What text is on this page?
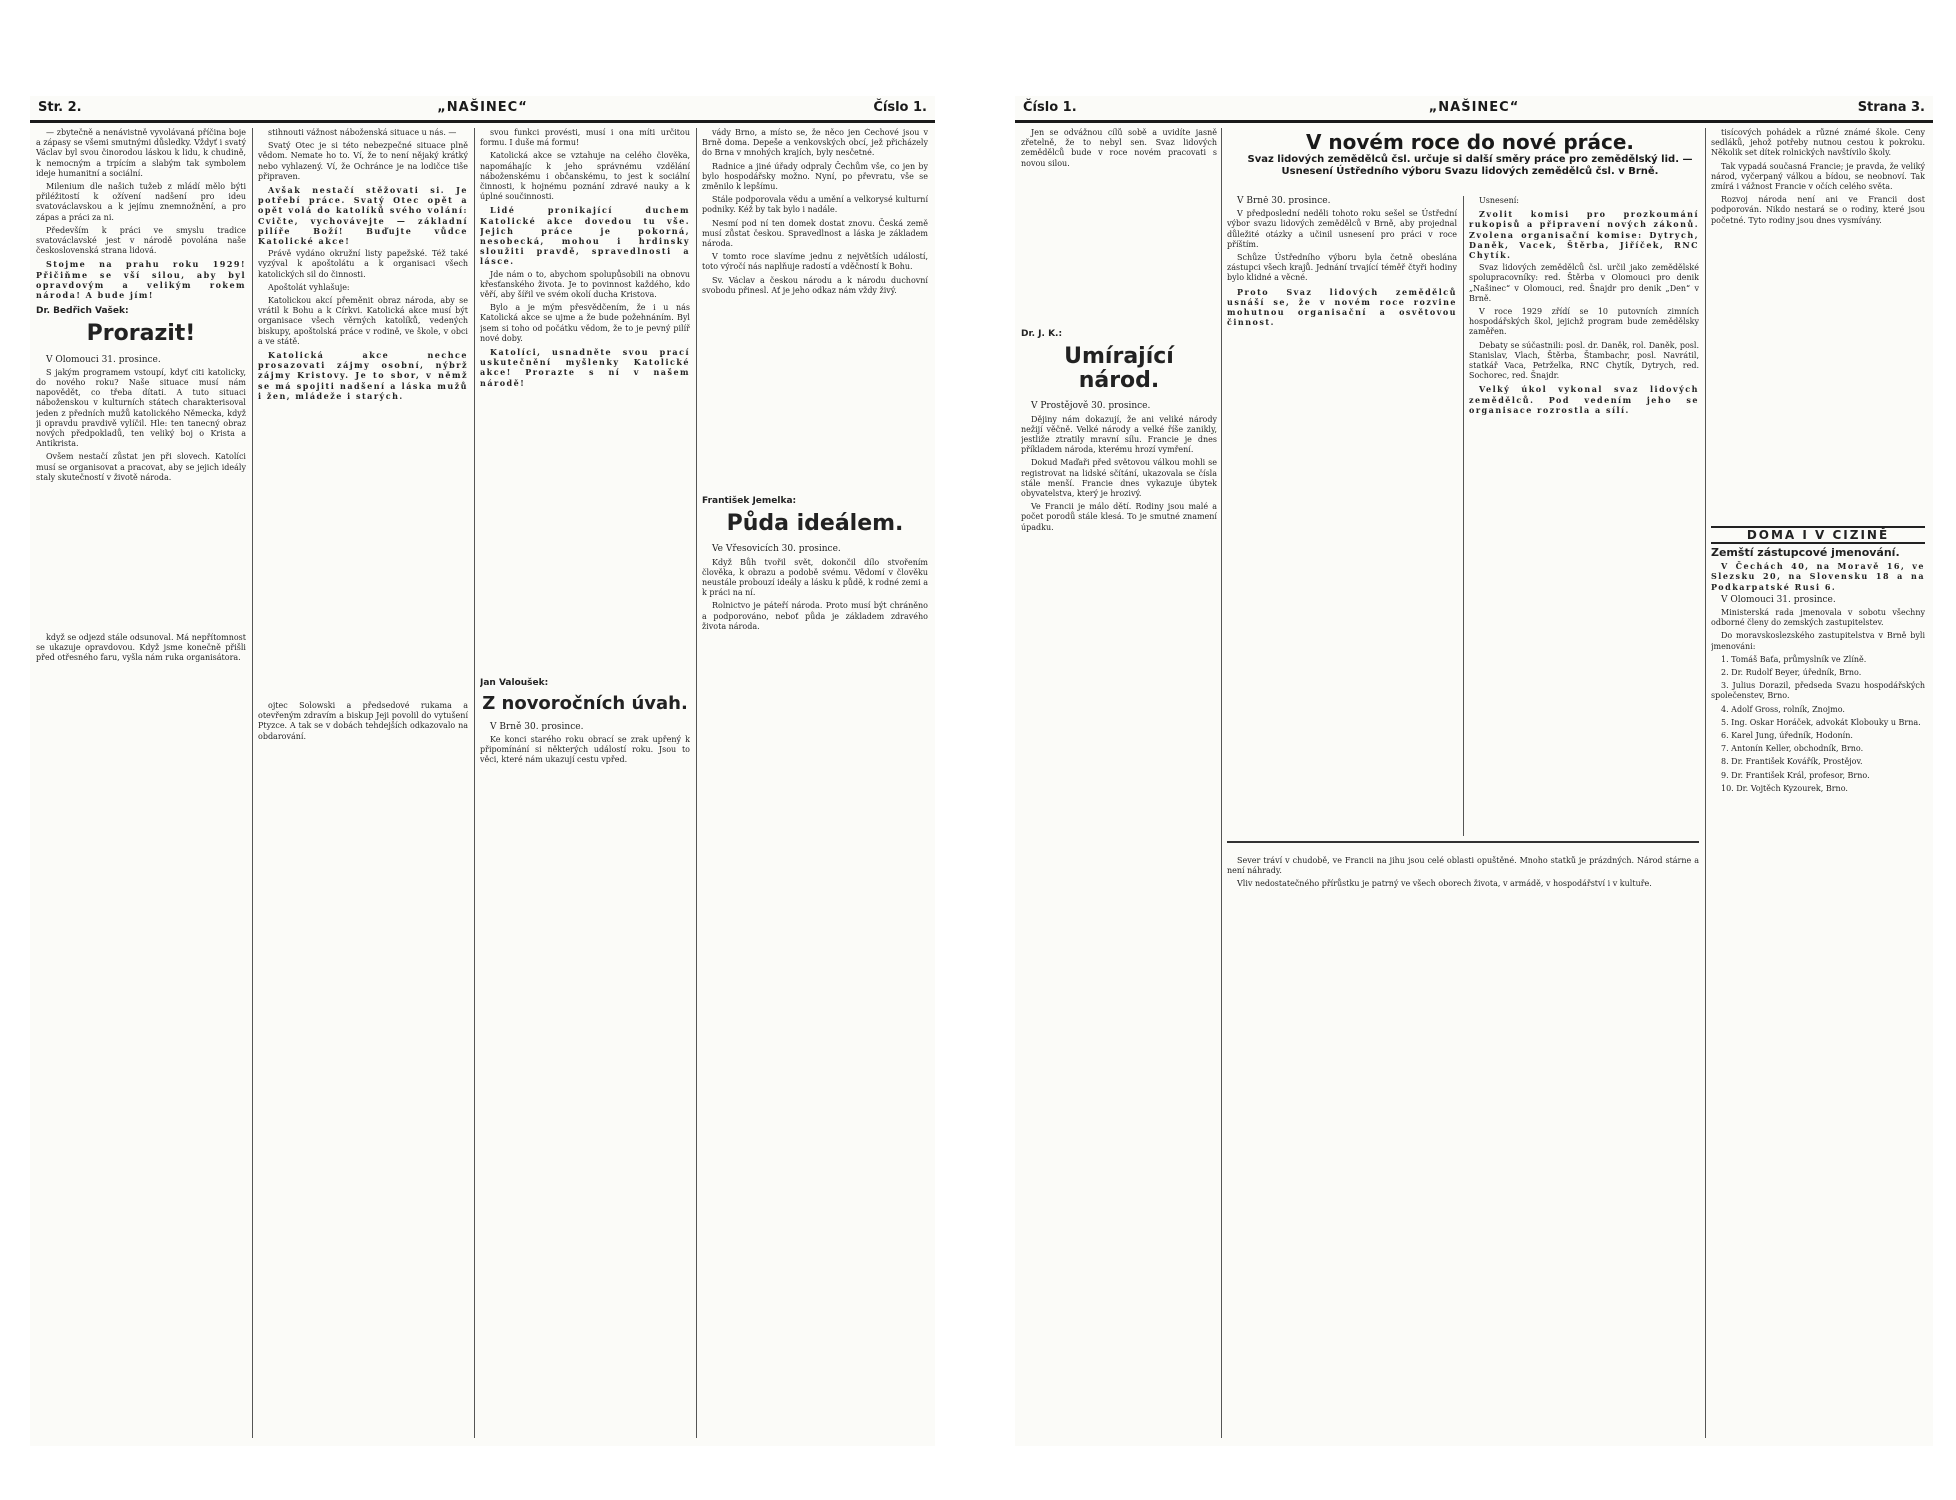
Str. 2.	„NAŠINEC“	Číslo 1.

— zbytečně a nenávistně vyvolávaná příčina boje a zápasy se všemi smutnými důsledky. Vždyť i svatý Václav byl svou činorodou láskou k lidu, k chudině, k nemocným a trpícím a slabým tak symbolem ideje humanitní a sociální.

Milenium dle našich tužeb z mládí mělo býti přiléžitostí k ožívení nadšení pro ideu svatováclavskou a k jejímu znemnožnění, a pro zápas a práci za ni.

Především k práci ve smyslu tradice svatováclavské jest v národě povolána naše československá strana lidová.

Stojme na prahu roku 1929! Přičiňme se vší silou, aby byl opravdovým a velikým rokem národa! A bude jím!

Dr. Bedřich Vašek:
Prorazit!
V Olomouci 31. prosince.

S jakým programem vstoupí, kdyť citi katolicky, do nového roku? Naše situace musí nám napovědět, co třeba dítati. A tuto situaci náboženskou v kulturních státech charakterisoval jeden z předních mužů katolického Německa, když ji opravdu pravdivě vylíčil. Hle: ten tanecný obraz nových předpokladů, ten veliký boj o Krista a Antikrista.

Ovšem nestačí zůstat jen při slovech. Katolíci musí se organisovat a pracovat, aby se jejich ideály staly skutečností v životě národa.

když se odjezd stále odsunoval. Má nepřítomnost se ukazuje opravdovou. Když jsme konečně přišli před otřesného faru, vyšla nám ruka organisátora.

stihnouti vážnost náboženská situace u nás. —

Svatý Otec je si této nebezpečné situace plně vědom. Nemate ho to. Ví, že to není nějaký krátký nebo vyhlazený. Ví, že Ochránce je na lodičce tiše připraven.

Avšak nestačí stěžovati si. Je potřebí práce. Svatý Otec opět a opět volá do katolíků svého volání: Cvičte, vychovávejte — základní pilíře Boží! Buďujte vůdce Katolické akce!

Právě vydáno okružní listy papežské. Též také vyzýval k apoštolátu a k organisaci všech katolických sil do činnosti.

Apoštolát vyhlašuje:

Katolickou akcí přeměnit obraz národa, aby se vrátil k Bohu a k Církvi. Katolická akce musí být organisace všech věrných katolíků, vedených biskupy, apoštolská práce v rodině, ve škole, v obci a ve státě.

Katolická akce nechce prosazovati zájmy osobní, nýbrž zájmy Kristovy. Je to sbor, v němž se má spojiti nadšení a láska mužů i žen, mládeže i starých.

ojtec Solowski a předsedové rukama a otevřeným zdravím a biskup Jeji povolil do vytušení Ptyzce. A tak se v dobách tehdejších odkazovalo na obdarování.

svou funkci provésti, musí i ona míti určitou formu. I duše má formu!

Katolická akce se vztahuje na celého člověka, napomáhajíc k jeho správnému vzdělání náboženskému i občanskému, to jest k sociální činnosti, k hojnému poznání zdravé nauky a k úplné součinnosti.

Lidé pronikající duchem Katolické akce dovedou tu vše. Jejich práce je pokorná, nesobecká, mohou i hrdinsky sloužiti pravdě, spravedlnosti a lásce.

Jde nám o to, abychom spolupůsobili na obnovu křesťanského života. Je to povinnost každého, kdo věří, aby šířil ve svém okolí ducha Kristova.

Bylo a je mým přesvědčením, že i u nás Katolická akce se ujme a že bude požehnáním. Byl jsem si toho od počátku vědom, že to je pevný pilíř nové doby.

Katolíci, usnadněte svou prací uskutečnění myšlenky Katolické akce! Prorazte s ní v našem národě!

Jan Valoušek:
Z novoročních úvah.
V Brně 30. prosince.

Ke konci starého roku obrací se zrak upřený k připomínání si některých událostí roku. Jsou to věci, které nám ukazují cestu vpřed.

vády Brno, a místo se, že něco jen Čechové jsou v Brně doma. Depeše a venkovských obcí, jež přicházely do Brna v mnohých krajích, byly nesčetné.

Radnice a jiné úřady odpraly Čechům vše, co jen by bylo hospodářsky možno. Nyní, po převratu, vše se změnilo k lepšímu.

Stále podporovala vědu a umění a velkorysé kulturní podniky. Kéž by tak bylo i nadále.

Nesmí pod ní ten domek dostat znovu. Česká země musí zůstat českou. Spravedlnost a láska je základem národa.

V tomto roce slavíme jednu z největších událostí, toto výročí nás naplňuje radostí a vděčností k Bohu.

Sv. Václav a českou národu a k národu duchovní svobodu přinesl. Ať je jeho odkaz nám vždy živý.

František Jemelka:
Půda ideálem.
Ve Vřesovicích 30. prosince.

Když Bůh tvořil svět, dokončil dílo stvořením člověka, k obrazu a podobě svému. Vědomí v člověku neustále probouzí ideály a lásku k půdě, k rodné zemi a k práci na ní.

Rolnictvo je páteří národa. Proto musí být chráněno a podporováno, neboť půda je základem zdravého života národa.

Číslo 1.	„NAŠINEC“	Strana 3.
V novém roce do nové práce.
Svaz lidových zemědělců čsl. určuje si další směry práce pro zemědělský lid. — Usnesení Ústředního výboru Svazu lidových zemědělců čsl. v Brně.

Jen se odvážnou cílů sobě a uvidíte jasně zřetelně, že to nebyl sen. Svaz lidových zemědělců bude v roce novém pracovati s novou silou.

Dr. J. K.:
Umírající národ.
V Prostějově 30. prosince.

Dějiny nám dokazují, že ani veliké národy nežijí věčně. Velké národy a velké říše zanikly, jestliže ztratily mravní sílu. Francie je dnes příkladem národa, kterému hrozí vymření.

Dokud Maďaři před světovou válkou mohli se registrovat na lidské sčítání, ukazovala se čísla stále menší. Francie dnes vykazuje úbytek obyvatelstva, který je hrozivý.

Ve Francii je málo dětí. Rodiny jsou malé a počet porodů stále klesá. To je smutné znamení úpadku.

V Brně 30. prosince.

V předposlední neděli tohoto roku sešel se Ústřední výbor svazu lidových zemědělců v Brně, aby projednal důležité otázky a učinil usnesení pro práci v roce příštím.

Schůze Ústředního výboru byla četně obeslána zástupci všech krajů. Jednání trvající téměř čtyři hodiny bylo klidné a věcné.

Proto Svaz lidových zemědělců usnáší se, že v novém roce rozvine mohutnou organisační a osvětovou činnost.

Usnesení:

Zvolit komisi pro prozkoumání rukopisů a připravení nových zákonů. Zvolena organisační komise: Dytrych, Daněk, Vacek, Štěrba, Jiříček, RNC Chytík.

Svaz lidových zemědělců čsl. určil jako zemědělské spolupracovníky: red. Štěrba v Olomouci pro denik „Našinec“ v Olomouci, red. Šnajdr pro denik „Den“ v Brně.

V roce 1929 zřídí se 10 putovních zimních hospodářských škol, jejichž program bude zemědělsky zaměřen.

Debaty se súčastnili: posl. dr. Daněk, rol. Daněk, posl. Stanislav, Vlach, Štěrba, Štambachr, posl. Navrátil, statkář Vaca, Petrželka, RNC Chytík, Dytrych, red. Sochorec, red. Šnajdr.

Velký úkol vykonal svaz lidových zemědělců. Pod vedením jeho se organisace rozrostla a sílí.

Sever tráví v chudobě, ve Francii na jihu jsou celé oblasti opuštěné. Mnoho statků je prázdných. Národ stárne a není náhrady.

Vliv nedostatečného přírůstku je patrný ve všech oborech života, v armádě, v hospodářství i v kultuře.

tisícových pohádek a různé známé škole. Ceny sedláků, jehož potřeby nutnou cestou k pokroku. Několik set dítek rolnických navštívilo školy.

Tak vypadá současná Francie; je pravda, že veliký národ, vyčerpaný válkou a bídou, se neobnoví. Tak zmírá i vážnost Francie v očích celého světa.

Rozvoj národa není ani ve Francii dost podporován. Nikdo nestará se o rodiny, které jsou početné. Tyto rodiny jsou dnes vysmívány.

DOMA I V CIZINĚ
Zemští zástupcové jmenování.

V Čechách 40, na Moravě 16, ve Slezsku 20, na Slovensku 18 a na Podkarpatské Rusi 6.

V Olomouci 31. prosince.

Ministerská rada jmenovala v sobotu všechny odborné členy do zemských zastupitelstev.

Do moravskoslezského zastupitelstva v Brně byli jmenováni:

1. Tomáš Baťa, průmyslník ve Zlíně.

2. Dr. Rudolf Beyer, úředník, Brno.

3. Julius Dorazil, předseda Svazu hospodářských společenstev, Brno.

4. Adolf Gross, rolník, Znojmo.

5. Ing. Oskar Horáček, advokát Klobouky u Brna.

6. Karel Jung, úředník, Hodonín.

7. Antonín Keller, obchodník, Brno.

8. Dr. František Kovářík, Prostějov.

9. Dr. František Král, profesor, Brno.

10. Dr. Vojtěch Kyzourek, Brno.
